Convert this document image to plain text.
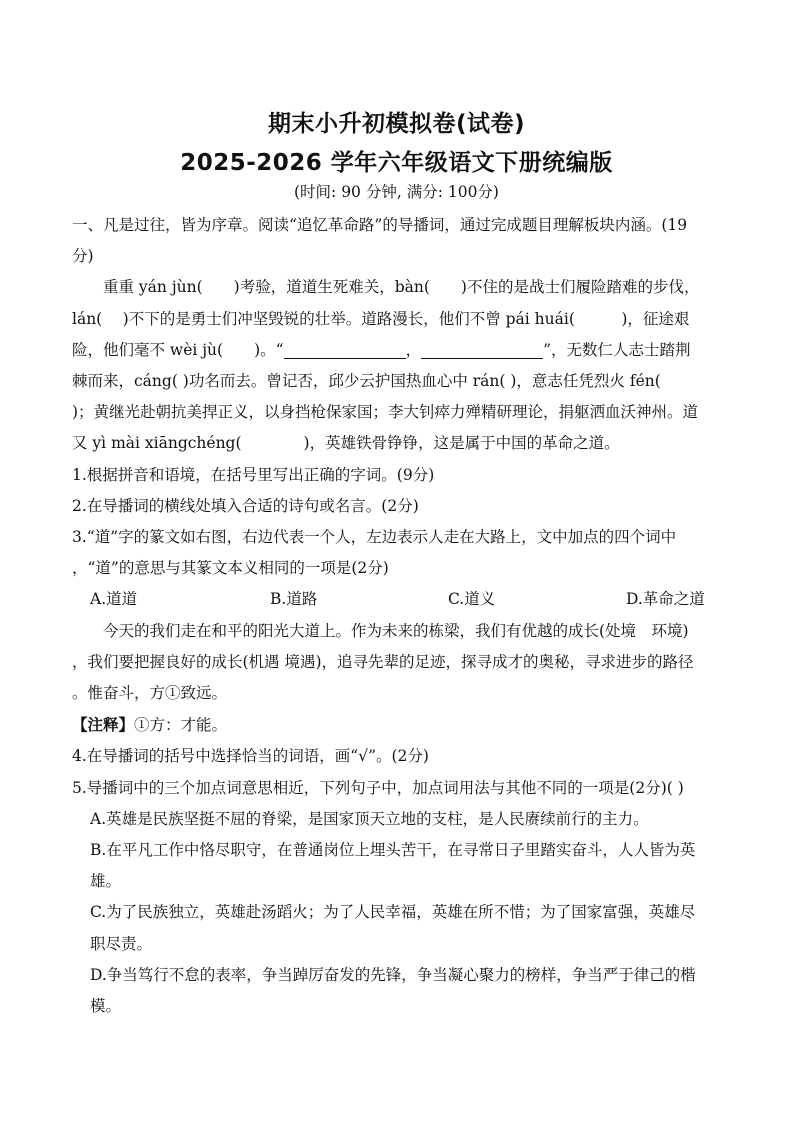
期末小升初模拟卷(试卷)
2025-2026 学年六年级语文下册统编版
(时间: 90 分钟, 满分: 100分)

一、凡是过往，皆为序章。阅读“追忆革命路”的导播词，通过完成题目理解板块内涵。(19

分)

重重 yán jùn(　　)考验，道道生死难关，bàn(　　)不住的是战士们履险踏难的步伐，

lán(　 )不下的是勇士们冲坚毁锐的壮举。道路漫长，他们不曾 pái huái(　　　)，征途艰

险，他们毫不 wèi jù(　　)。“	，	”，无数仁人志士踏荆

棘而来，cáng( )功名而去。曾记否，邱少云护国热血心中 rán( )，意志任凭烈火 fén(

)；黄继光赴朝抗美捍正义，以身挡枪保家国；李大钊瘁力殚精研理论，捐躯洒血沃神州。道

又 yì mài xiāngchéng(　　　　)，英雄铁骨铮铮，这是属于中国的革命之道。

1.根据拼音和语境，在括号里写出正确的字词。(9分)

2.在导播词的横线处填入合适的诗句或名言。(2分)

3.“道”字的篆文如右图，右边代表一个人，左边表示人走在大路上，文中加点的四个词中

，“道”的意思与其篆文本义相同的一项是(2分)

A.道道	B.道路	C.道义	D.革命之道

今天的我们走在和平的阳光大道上。作为未来的栋梁，我们有优越的成长(处境　环境)

，我们要把握良好的成长(机遇 境遇)，追寻先辈的足迹，探寻成才的奥秘，寻求进步的路径

。惟奋斗，方①致远。

【注释】①方：才能。

4.在导播词的括号中选择恰当的词语，画“√”。(2分)

5.导播词中的三个加点词意思相近，下列句子中，加点词用法与其他不同的一项是(2分)( )

A.英雄是民族坚挺不屈的脊梁，是国家顶天立地的支柱，是人民赓续前行的主力。

B.在平凡工作中恪尽职守，在普通岗位上埋头苦干，在寻常日子里踏实奋斗，人人皆为英

雄。

C.为了民族独立，英雄赴汤蹈火；为了人民幸福，英雄在所不惜；为了国家富强，英雄尽

职尽责。

D.争当笃行不怠的表率，争当踔厉奋发的先锋，争当凝心聚力的榜样，争当严于律己的楷

模。
